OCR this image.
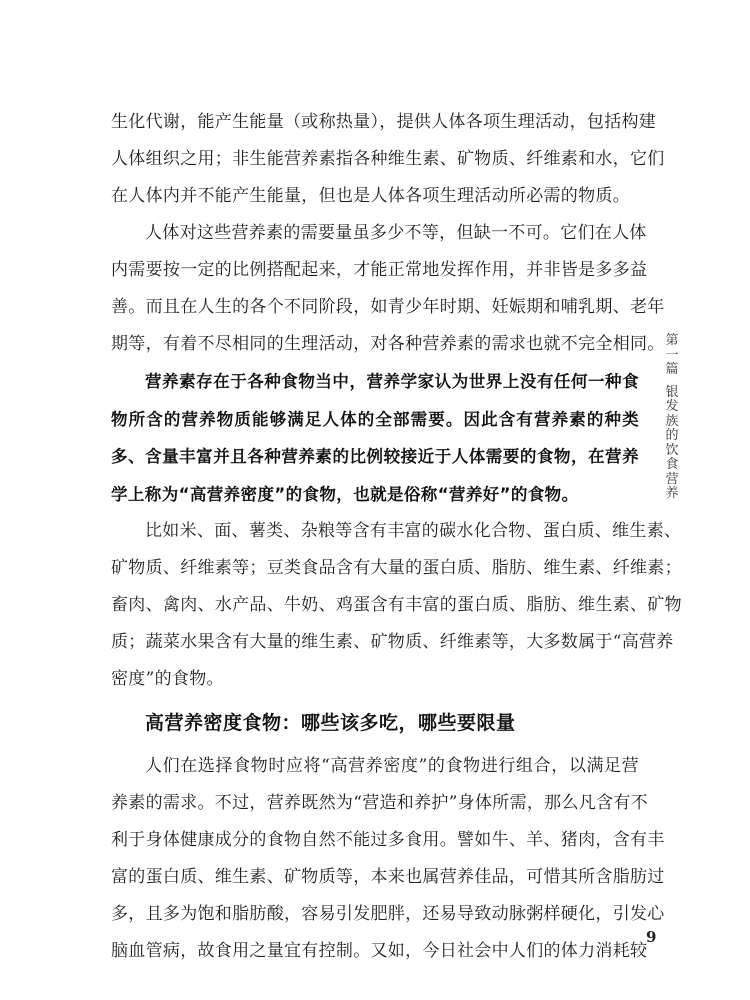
生化代谢，能产生能量（或称热量），提供人体各项生理活动，包括构建
人体组织之用；非生能营养素指各种维生素、矿物质、纤维素和水，它们
在人体内并不能产生能量，但也是人体各项生理活动所必需的物质。
人体对这些营养素的需要量虽多少不等，但缺一不可。它们在人体
内需要按一定的比例搭配起来，才能正常地发挥作用，并非皆是多多益
善。而且在人生的各个不同阶段，如青少年时期、妊娠期和哺乳期、老年
期等，有着不尽相同的生理活动，对各种营养素的需求也就不完全相同。
营养素存在于各种食物当中，营养学家认为世界上没有任何一种食
物所含的营养物质能够满足人体的全部需要。因此含有营养素的种类
多、含量丰富并且各种营养素的比例较接近于人体需要的食物，在营养
学上称为“高营养密度”的食物，也就是俗称“营养好”的食物。
比如米、面、薯类、杂粮等含有丰富的碳水化合物、蛋白质、维生素、
矿物质、纤维素等；豆类食品含有大量的蛋白质、脂肪、维生素、纤维素；
畜肉、禽肉、水产品、牛奶、鸡蛋含有丰富的蛋白质、脂肪、维生素、矿物
质；蔬菜水果含有大量的维生素、矿物质、纤维素等，大多数属于“高营养
密度”的食物。
高营养密度食物：哪些该多吃，哪些要限量
人们在选择食物时应将“高营养密度”的食物进行组合，以满足营
养素的需求。不过，营养既然为“营造和养护”身体所需，那么凡含有不
利于身体健康成分的食物自然不能过多食用。譬如牛、羊、猪肉，含有丰
富的蛋白质、维生素、矿物质等，本来也属营养佳品，可惜其所含脂肪过
多，且多为饱和脂肪酸，容易引发肥胖，还易导致动脉粥样硬化，引发心
脑血管病，故食用之量宜有控制。又如，今日社会中人们的体力消耗较
第
一
篇
银
发
族
的
饮
食
营
养
9
